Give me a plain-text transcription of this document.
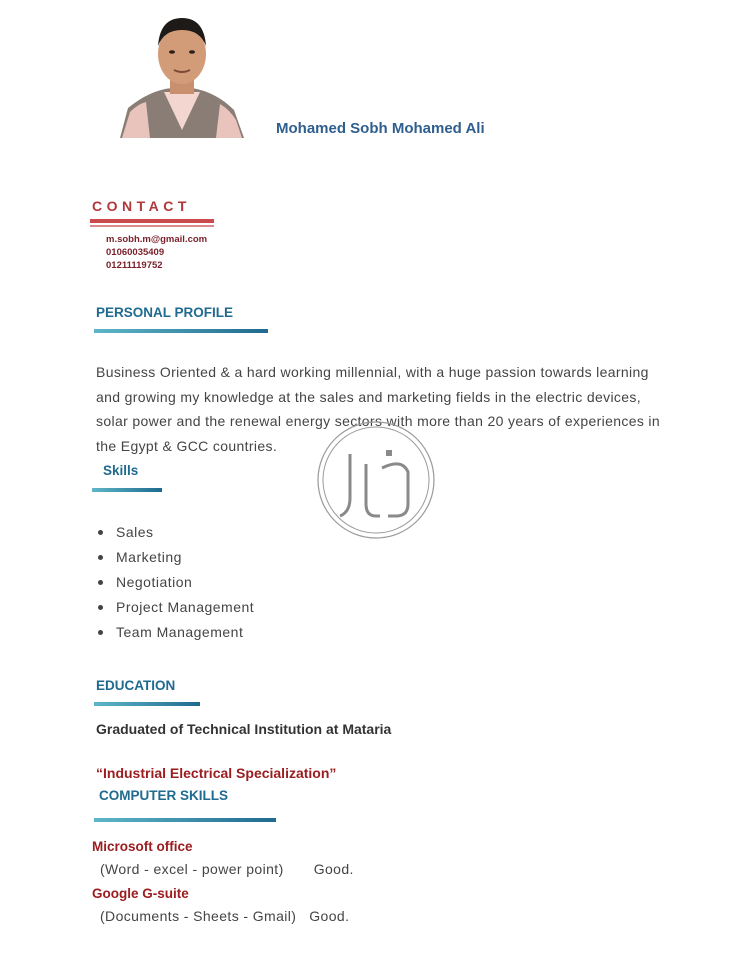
Mohamed Sobh Mohamed Ali
CONTACT
m.sobh.m@gmail.com
01060035409
01211119752
PERSONAL PROFILE
Business Oriented & a hard working millennial, with a huge passion towards learning and growing my knowledge at the sales and marketing fields in the electric devices, solar power and the renewal energy sectors with more than 20 years of experiences in the Egypt & GCC countries.
Skills
Sales
Marketing
Negotiation
Project Management
Team Management
EDUCATION
Graduated of Technical Institution at Mataria
“Industrial Electrical Specialization”
COMPUTER SKILLS
Microsoft office
(Word - excel - power point)       Good.
Google G-suite
(Documents - Sheets - Gmail)   Good.
